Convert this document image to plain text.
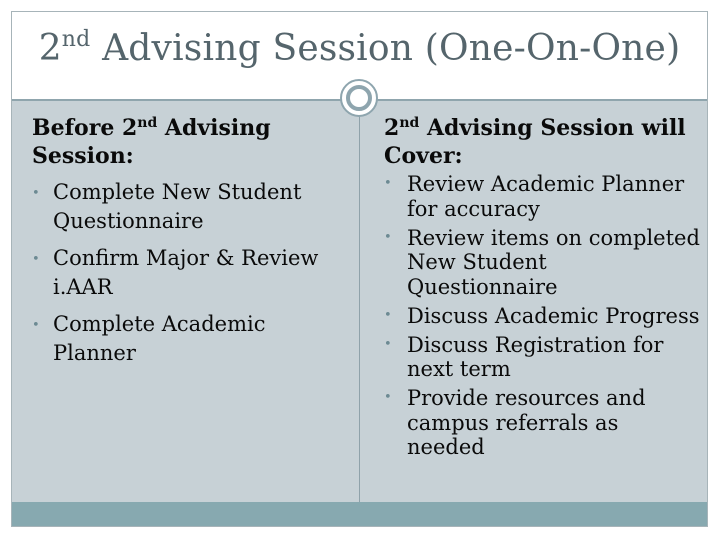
2nd Advising Session (One-On-One)
Before 2nd Advising Session:
• Complete New Student Questionnaire
• Confirm Major & Review i.AAR
• Complete Academic Planner
2nd Advising Session will Cover:
• Review Academic Planner for accuracy
• Review items on completed New Student Questionnaire
• Discuss Academic Progress
• Discuss Registration for next term
• Provide resources and campus referrals as needed
